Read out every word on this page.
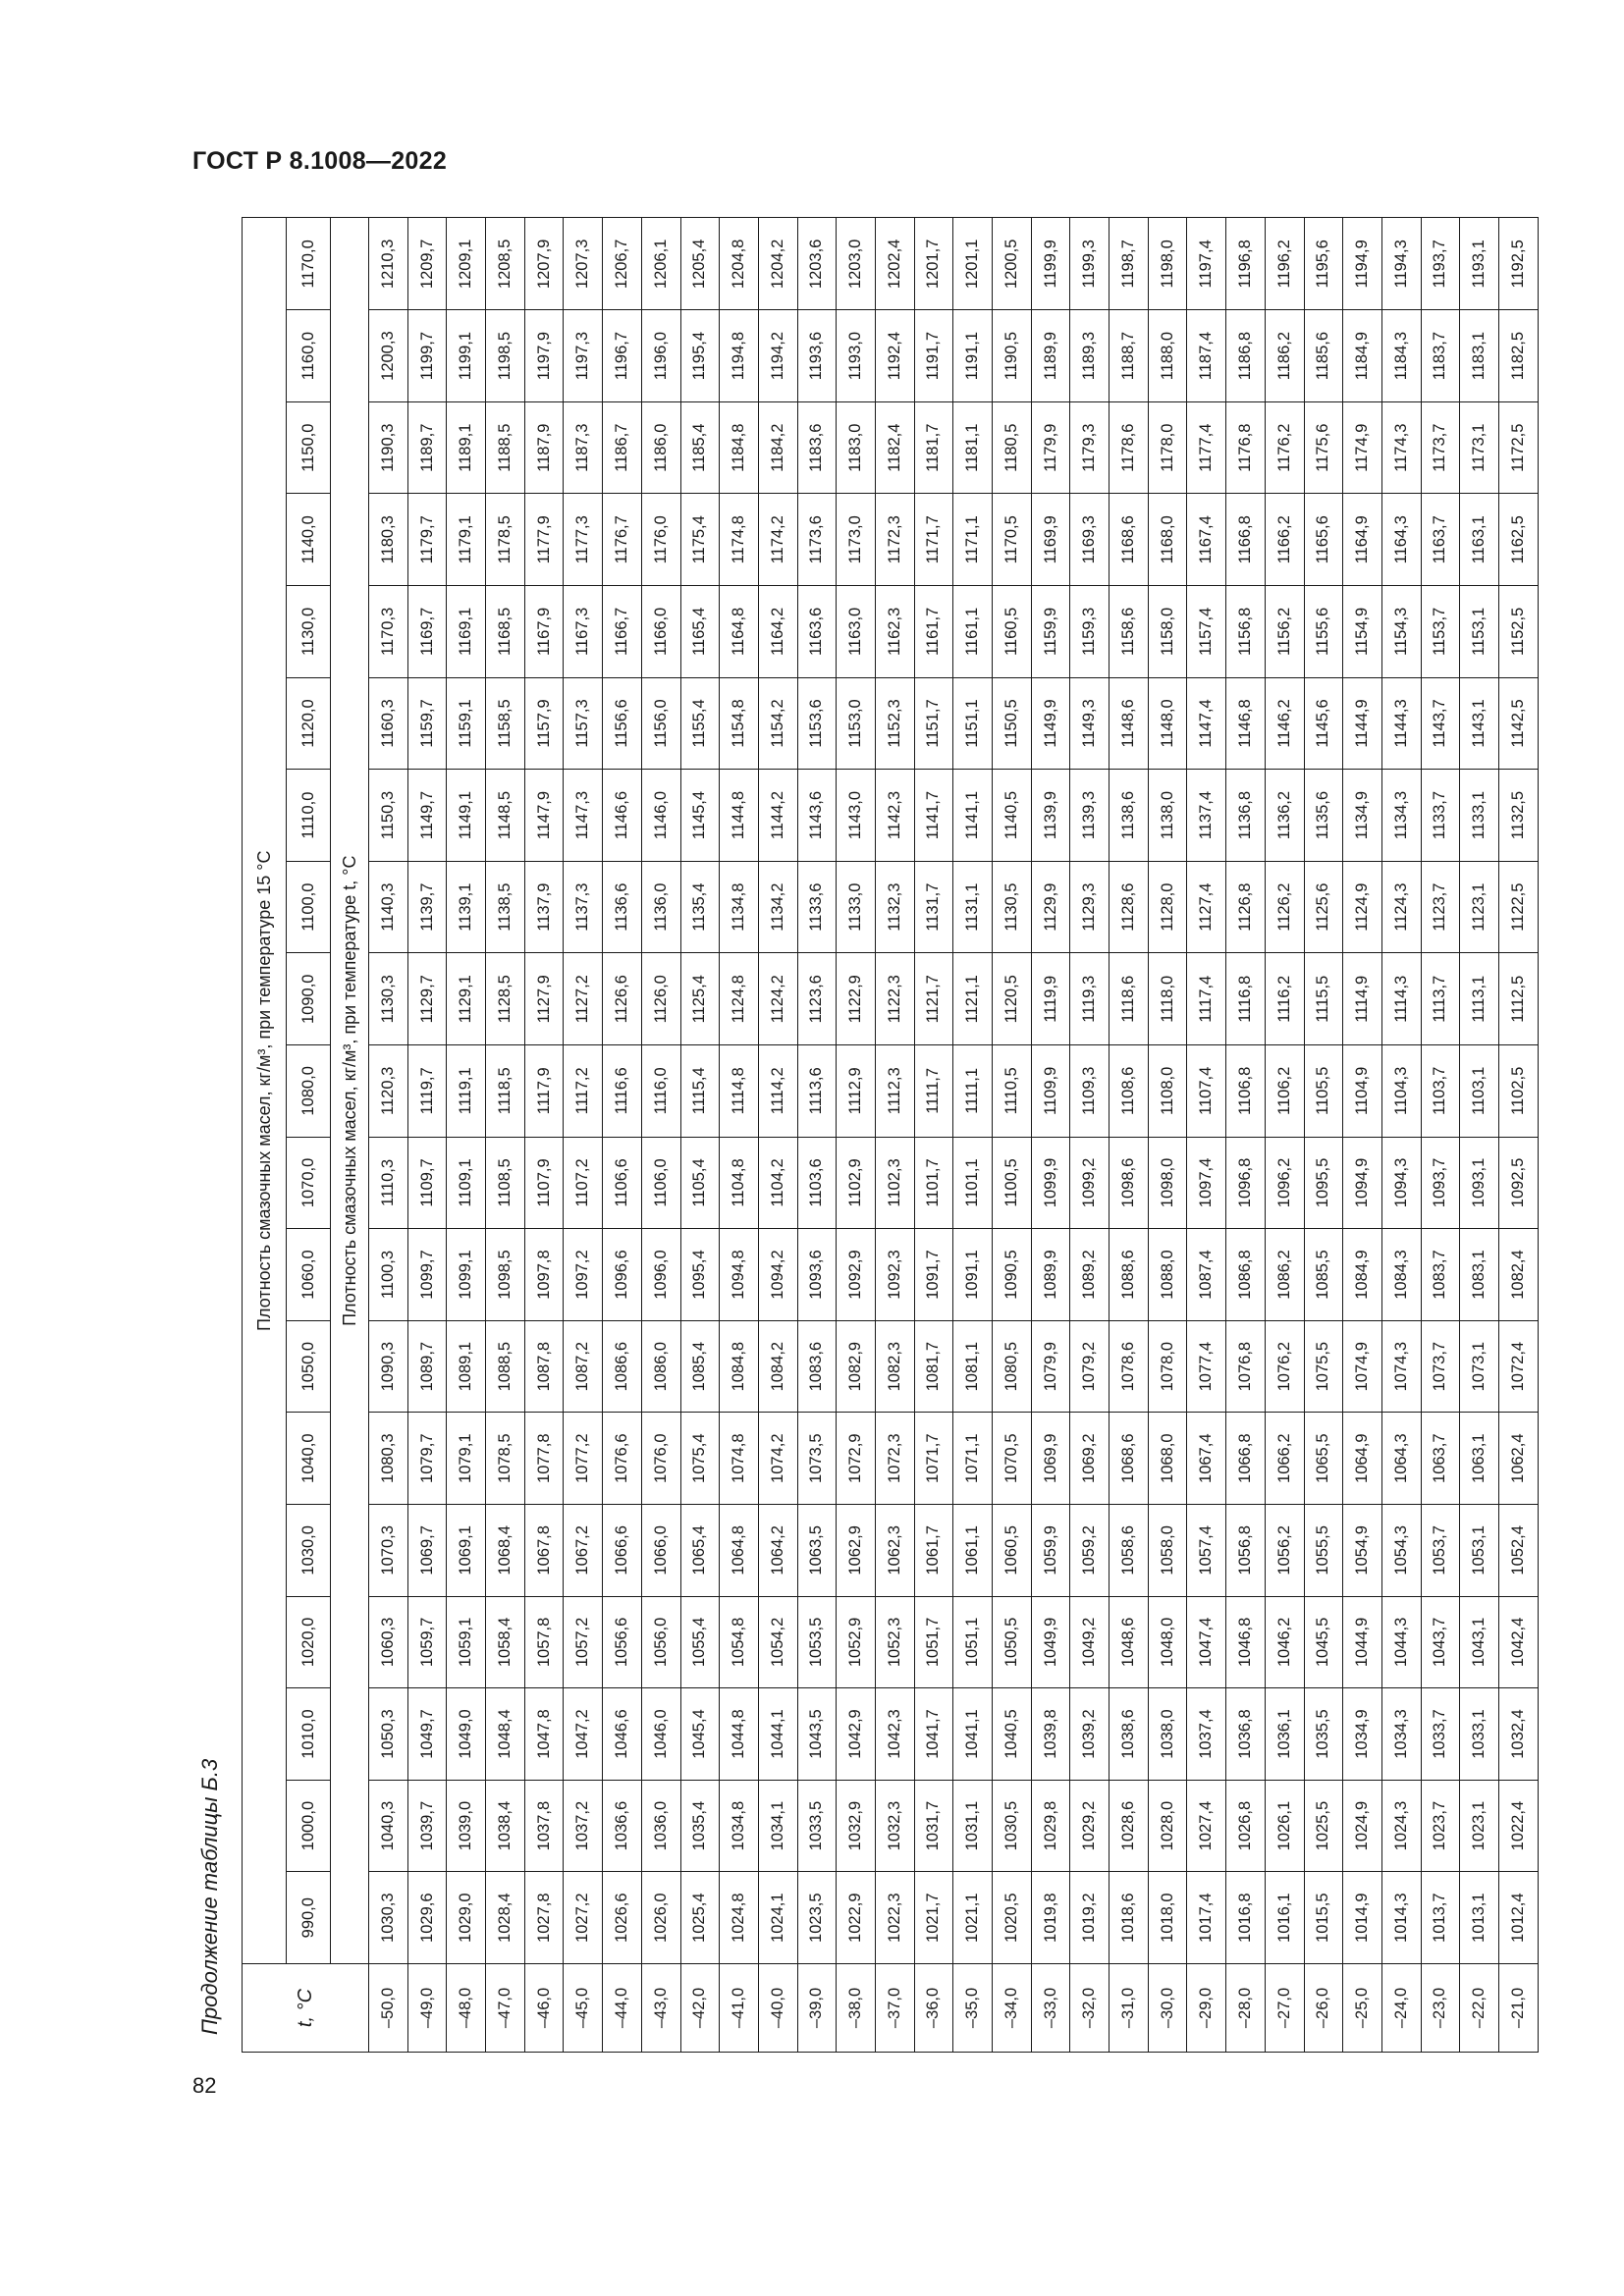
ГОСТ Р 8.1008—2022
Продолжение таблицы Б.3
82
t, °C	Плотность смазочных масел, кг/м³, при температуре 15 °С																		
	990,0	1000,0	1010,0	1020,0	1030,0	1040,0	1050,0	1060,0	1070,0	1080,0	1090,0	1100,0	1110,0	1120,0	1130,0	1140,0	1150,0	1160,0	1170,0
	Плотность смазочных масел, кг/м³, при температуре t, °С																		
–50,0	1030,3	1040,3	1050,3	1060,3	1070,3	1080,3	1090,3	1100,3	1110,3	1120,3	1130,3	1140,3	1150,3	1160,3	1170,3	1180,3	1190,3	1200,3	1210,3
–49,0	1029,6	1039,7	1049,7	1059,7	1069,7	1079,7	1089,7	1099,7	1109,7	1119,7	1129,7	1139,7	1149,7	1159,7	1169,7	1179,7	1189,7	1199,7	1209,7
–48,0	1029,0	1039,0	1049,0	1059,1	1069,1	1079,1	1089,1	1099,1	1109,1	1119,1	1129,1	1139,1	1149,1	1159,1	1169,1	1179,1	1189,1	1199,1	1209,1
–47,0	1028,4	1038,4	1048,4	1058,4	1068,4	1078,5	1088,5	1098,5	1108,5	1118,5	1128,5	1138,5	1148,5	1158,5	1168,5	1178,5	1188,5	1198,5	1208,5
–46,0	1027,8	1037,8	1047,8	1057,8	1067,8	1077,8	1087,8	1097,8	1107,9	1117,9	1127,9	1137,9	1147,9	1157,9	1167,9	1177,9	1187,9	1197,9	1207,9
–45,0	1027,2	1037,2	1047,2	1057,2	1067,2	1077,2	1087,2	1097,2	1107,2	1117,2	1127,2	1137,3	1147,3	1157,3	1167,3	1177,3	1187,3	1197,3	1207,3
–44,0	1026,6	1036,6	1046,6	1056,6	1066,6	1076,6	1086,6	1096,6	1106,6	1116,6	1126,6	1136,6	1146,6	1156,6	1166,7	1176,7	1186,7	1196,7	1206,7
–43,0	1026,0	1036,0	1046,0	1056,0	1066,0	1076,0	1086,0	1096,0	1106,0	1116,0	1126,0	1136,0	1146,0	1156,0	1166,0	1176,0	1186,0	1196,0	1206,1
–42,0	1025,4	1035,4	1045,4	1055,4	1065,4	1075,4	1085,4	1095,4	1105,4	1115,4	1125,4	1135,4	1145,4	1155,4	1165,4	1175,4	1185,4	1195,4	1205,4
–41,0	1024,8	1034,8	1044,8	1054,8	1064,8	1074,8	1084,8	1094,8	1104,8	1114,8	1124,8	1134,8	1144,8	1154,8	1164,8	1174,8	1184,8	1194,8	1204,8
–40,0	1024,1	1034,1	1044,1	1054,2	1064,2	1074,2	1084,2	1094,2	1104,2	1114,2	1124,2	1134,2	1144,2	1154,2	1164,2	1174,2	1184,2	1194,2	1204,2
–39,0	1023,5	1033,5	1043,5	1053,5	1063,5	1073,5	1083,6	1093,6	1103,6	1113,6	1123,6	1133,6	1143,6	1153,6	1163,6	1173,6	1183,6	1193,6	1203,6
–38,0	1022,9	1032,9	1042,9	1052,9	1062,9	1072,9	1082,9	1092,9	1102,9	1112,9	1122,9	1133,0	1143,0	1153,0	1163,0	1173,0	1183,0	1193,0	1203,0
–37,0	1022,3	1032,3	1042,3	1052,3	1062,3	1072,3	1082,3	1092,3	1102,3	1112,3	1122,3	1132,3	1142,3	1152,3	1162,3	1172,3	1182,4	1192,4	1202,4
–36,0	1021,7	1031,7	1041,7	1051,7	1061,7	1071,7	1081,7	1091,7	1101,7	1111,7	1121,7	1131,7	1141,7	1151,7	1161,7	1171,7	1181,7	1191,7	1201,7
–35,0	1021,1	1031,1	1041,1	1051,1	1061,1	1071,1	1081,1	1091,1	1101,1	1111,1	1121,1	1131,1	1141,1	1151,1	1161,1	1171,1	1181,1	1191,1	1201,1
–34,0	1020,5	1030,5	1040,5	1050,5	1060,5	1070,5	1080,5	1090,5	1100,5	1110,5	1120,5	1130,5	1140,5	1150,5	1160,5	1170,5	1180,5	1190,5	1200,5
–33,0	1019,8	1029,8	1039,8	1049,9	1059,9	1069,9	1079,9	1089,9	1099,9	1109,9	1119,9	1129,9	1139,9	1149,9	1159,9	1169,9	1179,9	1189,9	1199,9
–32,0	1019,2	1029,2	1039,2	1049,2	1059,2	1069,2	1079,2	1089,2	1099,2	1109,3	1119,3	1129,3	1139,3	1149,3	1159,3	1169,3	1179,3	1189,3	1199,3
–31,0	1018,6	1028,6	1038,6	1048,6	1058,6	1068,6	1078,6	1088,6	1098,6	1108,6	1118,6	1128,6	1138,6	1148,6	1158,6	1168,6	1178,6	1188,7	1198,7
–30,0	1018,0	1028,0	1038,0	1048,0	1058,0	1068,0	1078,0	1088,0	1098,0	1108,0	1118,0	1128,0	1138,0	1148,0	1158,0	1168,0	1178,0	1188,0	1198,0
–29,0	1017,4	1027,4	1037,4	1047,4	1057,4	1067,4	1077,4	1087,4	1097,4	1107,4	1117,4	1127,4	1137,4	1147,4	1157,4	1167,4	1177,4	1187,4	1197,4
–28,0	1016,8	1026,8	1036,8	1046,8	1056,8	1066,8	1076,8	1086,8	1096,8	1106,8	1116,8	1126,8	1136,8	1146,8	1156,8	1166,8	1176,8	1186,8	1196,8
–27,0	1016,1	1026,1	1036,1	1046,2	1056,2	1066,2	1076,2	1086,2	1096,2	1106,2	1116,2	1126,2	1136,2	1146,2	1156,2	1166,2	1176,2	1186,2	1196,2
–26,0	1015,5	1025,5	1035,5	1045,5	1055,5	1065,5	1075,5	1085,5	1095,5	1105,5	1115,5	1125,6	1135,6	1145,6	1155,6	1165,6	1175,6	1185,6	1195,6
–25,0	1014,9	1024,9	1034,9	1044,9	1054,9	1064,9	1074,9	1084,9	1094,9	1104,9	1114,9	1124,9	1134,9	1144,9	1154,9	1164,9	1174,9	1184,9	1194,9
–24,0	1014,3	1024,3	1034,3	1044,3	1054,3	1064,3	1074,3	1084,3	1094,3	1104,3	1114,3	1124,3	1134,3	1144,3	1154,3	1164,3	1174,3	1184,3	1194,3
–23,0	1013,7	1023,7	1033,7	1043,7	1053,7	1063,7	1073,7	1083,7	1093,7	1103,7	1113,7	1123,7	1133,7	1143,7	1153,7	1163,7	1173,7	1183,7	1193,7
–22,0	1013,1	1023,1	1033,1	1043,1	1053,1	1063,1	1073,1	1083,1	1093,1	1103,1	1113,1	1123,1	1133,1	1143,1	1153,1	1163,1	1173,1	1183,1	1193,1
–21,0	1012,4	1022,4	1032,4	1042,4	1052,4	1062,4	1072,4	1082,4	1092,5	1102,5	1112,5	1122,5	1132,5	1142,5	1152,5	1162,5	1172,5	1182,5	1192,5
